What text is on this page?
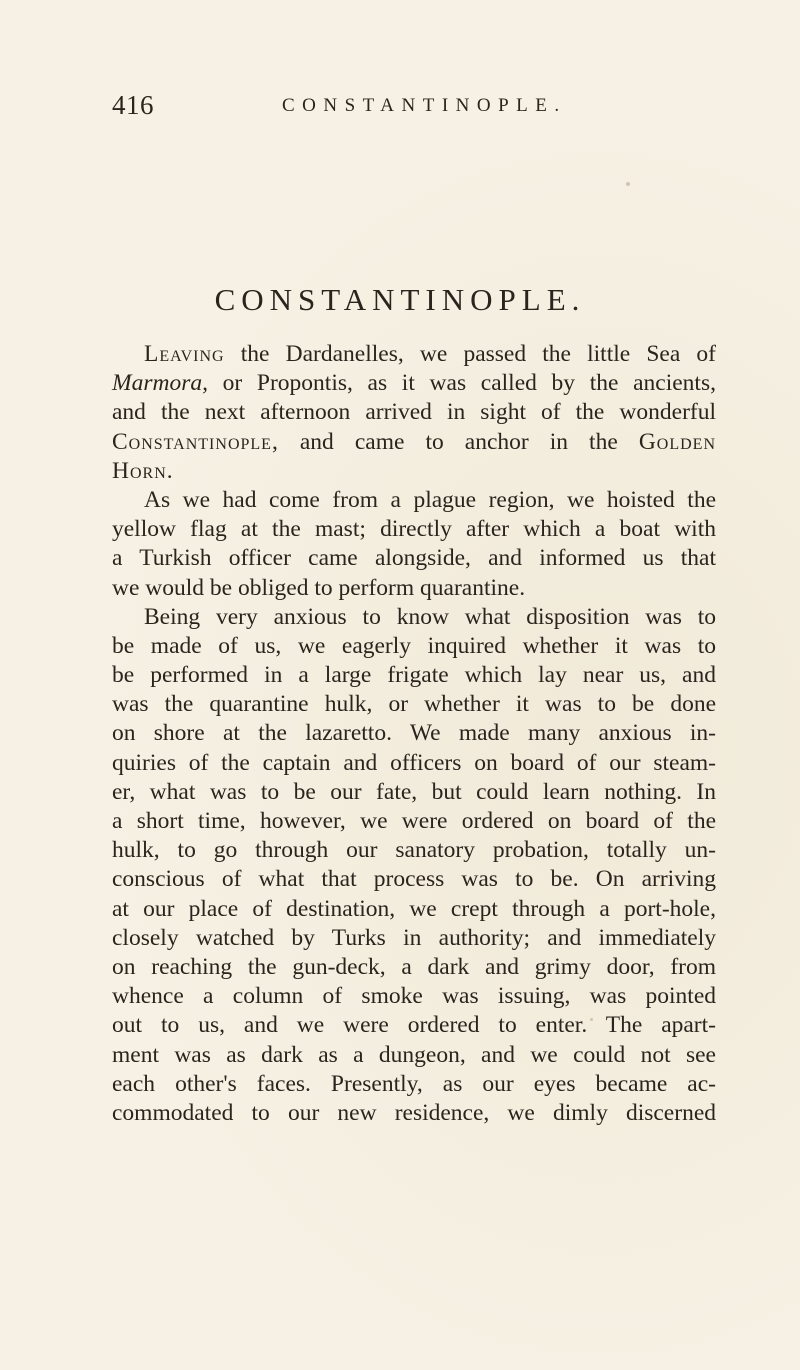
416	CONSTANTINOPLE.
CONSTANTINOPLE.
Leaving the Dardanelles, we passed the little Sea of
Marmora, or Propontis, as it was called by the ancients,
and the next afternoon arrived in sight of the wonderful
Constantinople, and came to anchor in the Golden
Horn.
As we had come from a plague region, we hoisted the
yellow flag at the mast; directly after which a boat with
a Turkish officer came alongside, and informed us that
we would be obliged to perform quarantine.
Being very anxious to know what disposition was to
be made of us, we eagerly inquired whether it was to
be performed in a large frigate which lay near us, and
was the quarantine hulk, or whether it was to be done
on shore at the lazaretto. We made many anxious in-
quiries of the captain and officers on board of our steam-
er, what was to be our fate, but could learn nothing. In
a short time, however, we were ordered on board of the
hulk, to go through our sanatory probation, totally un-
conscious of what that process was to be. On arriving
at our place of destination, we crept through a port-hole,
closely watched by Turks in authority; and immediately
on reaching the gun-deck, a dark and grimy door, from
whence a column of smoke was issuing, was pointed
out to us, and we were ordered to enter. The apart-
ment was as dark as a dungeon, and we could not see
each other's faces. Presently, as our eyes became ac-
commodated to our new residence, we dimly discerned
